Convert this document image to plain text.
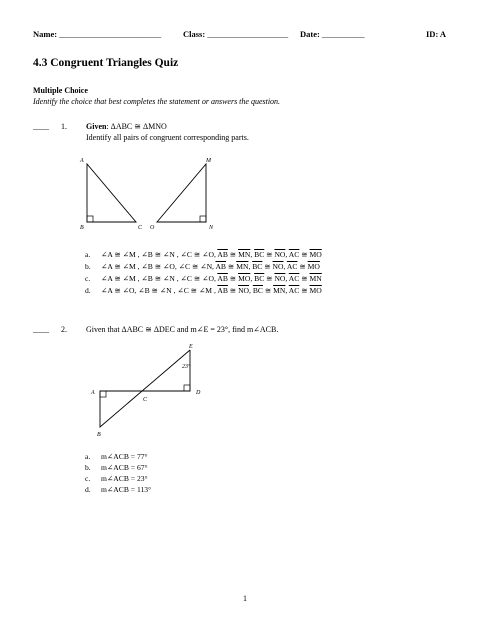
Name: ________________________	Class: ___________________ Date: __________	ID: A
4.3 Congruent Triangles Quiz
Multiple Choice
Identify the choice that best completes the statement or answers the question.
____ 1. Given: ΔABC ≅ ΔMNO
Identify all pairs of congruent corresponding parts.
A
B	C O
M
N
a. ∠A ≅ ∠M , ∠B ≅ ∠N , ∠C ≅ ∠O, $\overline{AB}$ ≅ $\overline{MN}$, $\overline{BC}$ ≅ $\overline{NO}$, $\overline{AC}$ ≅ $\overline{MO}$
b. ∠A ≅ ∠M , ∠B ≅ ∠O, ∠C ≅ ∠N, $\overline{AB}$ ≅ $\overline{MN}$, $\overline{BC}$ ≅ $\overline{NO}$, $\overline{AC}$ ≅ $\overline{MO}$
c. ∠A ≅ ∠M , ∠B ≅ ∠N , ∠C ≅ ∠O, $\overline{AB}$ ≅ $\overline{MO}$, $\overline{BC}$ ≅ $\overline{NO}$, $\overline{AC}$ ≅ $\overline{MN}$
d. ∠A ≅ ∠O, ∠B ≅ ∠N , ∠C ≅ ∠M , $\overline{AB}$ ≅ $\overline{NO}$, $\overline{BC}$ ≅ $\overline{MN}$, $\overline{AC}$ ≅ $\overline{MO}$
____ 2. Given that ΔABC ≅ ΔDEC and m∠E = 23°, find m∠ACB.
E
23°
A	D
C
B
a. m∠ACB = 77°
b. m∠ACB = 67°
c. m∠ACB = 23°
d. m∠ACB = 113°
1
